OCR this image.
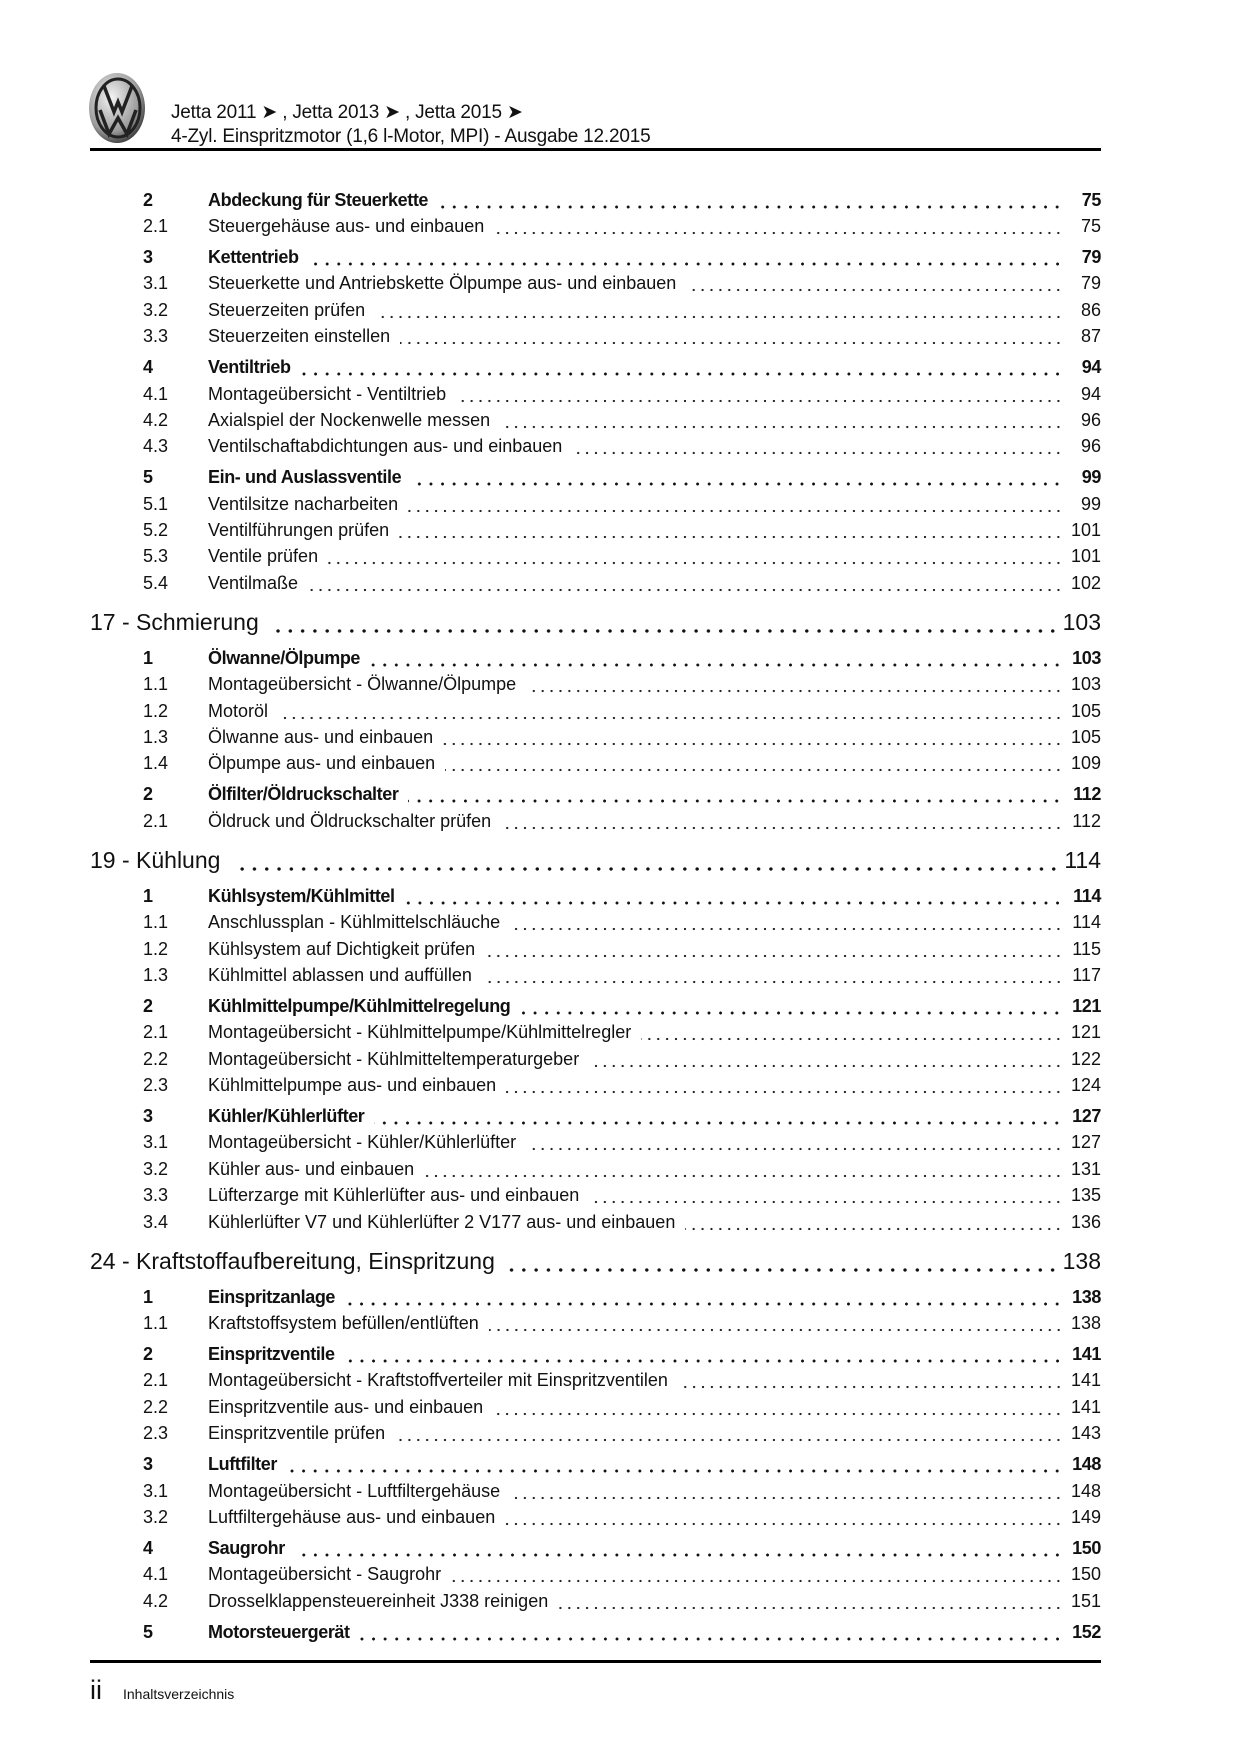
Jetta 2011 ➤ , Jetta 2013 ➤ , Jetta 2015 ➤
4-Zyl. Einspritzmotor (1,6 l-Motor, MPI) - Ausgabe 12.2015
2	Abdeckung für Steuerkette	75
2.1	Steuergehäuse aus- und einbauen	75
3	Kettentrieb	79
3.1	Steuerkette und Antriebskette Ölpumpe aus- und einbauen	79
3.2	Steuerzeiten prüfen	86
3.3	Steuerzeiten einstellen	87
4	Ventiltrieb	94
4.1	Montageübersicht - Ventiltrieb	94
4.2	Axialspiel der Nockenwelle messen	96
4.3	Ventilschaftabdichtungen aus- und einbauen	96
5	Ein- und Auslassventile	99
5.1	Ventilsitze nacharbeiten	99
5.2	Ventilführungen prüfen	101
5.3	Ventile prüfen	101
5.4	Ventilmaße	102
17 - Schmierung	103
1	Ölwanne/Ölpumpe	103
1.1	Montageübersicht - Ölwanne/Ölpumpe	103
1.2	Motoröl	105
1.3	Ölwanne aus- und einbauen	105
1.4	Ölpumpe aus- und einbauen	109
2	Ölfilter/Öldruckschalter	112
2.1	Öldruck und Öldruckschalter prüfen	112
19 - Kühlung	114
1	Kühlsystem/Kühlmittel	114
1.1	Anschlussplan - Kühlmittelschläuche	114
1.2	Kühlsystem auf Dichtigkeit prüfen	115
1.3	Kühlmittel ablassen und auffüllen	117
2	Kühlmittelpumpe/Kühlmittelregelung	121
2.1	Montageübersicht - Kühlmittelpumpe/Kühlmittelregler	121
2.2	Montageübersicht - Kühlmitteltemperaturgeber	122
2.3	Kühlmittelpumpe aus- und einbauen	124
3	Kühler/Kühlerlüfter	127
3.1	Montageübersicht - Kühler/Kühlerlüfter	127
3.2	Kühler aus- und einbauen	131
3.3	Lüfterzarge mit Kühlerlüfter aus- und einbauen	135
3.4	Kühlerlüfter V7 und Kühlerlüfter 2 V177 aus- und einbauen	136
24 - Kraftstoffaufbereitung, Einspritzung	138
1	Einspritzanlage	138
1.1	Kraftstoffsystem befüllen/entlüften	138
2	Einspritzventile	141
2.1	Montageübersicht - Kraftstoffverteiler mit Einspritzventilen	141
2.2	Einspritzventile aus- und einbauen	141
2.3	Einspritzventile prüfen	143
3	Luftfilter	148
3.1	Montageübersicht - Luftfiltergehäuse	148
3.2	Luftfiltergehäuse aus- und einbauen	149
4	Saugrohr	150
4.1	Montageübersicht - Saugrohr	150
4.2	Drosselklappensteuereinheit J338 reinigen	151
5	Motorsteuergerät	152
ii Inhaltsverzeichnis
